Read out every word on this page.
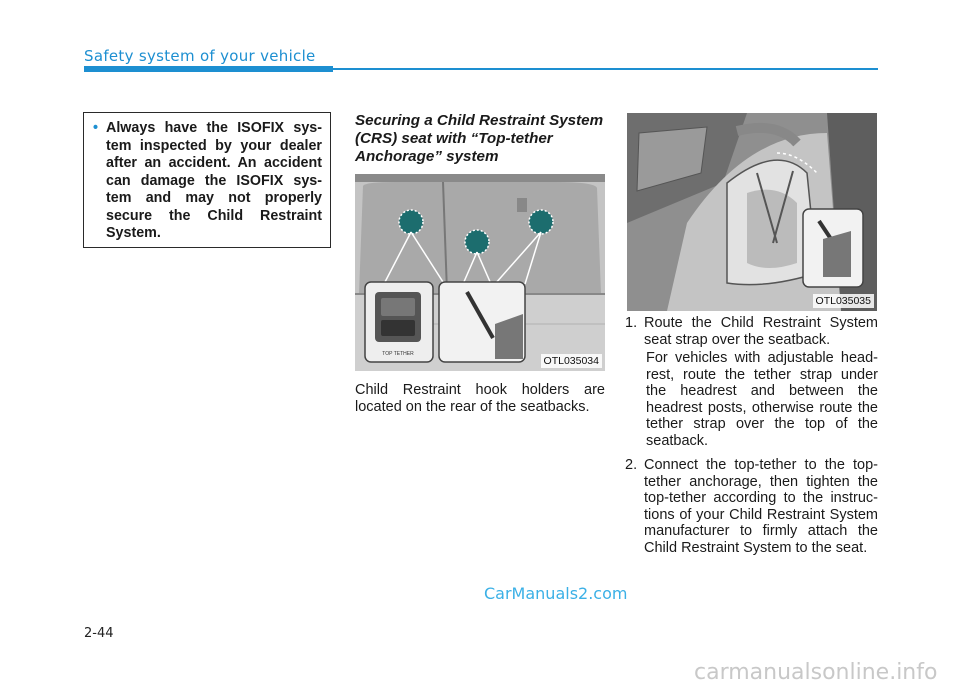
Safety system of your vehicle
• Always have the ISOFIX sys-tem inspected by your dealer after an accident. An accident can damage the ISOFIX sys-tem and may not properly secure the Child Restraint System.
Securing a Child Restraint System (CRS) seat with “Top-tether Anchorage” system
TOP TETHER
OTL035034
Child Restraint hook holders are located on the rear of the seatbacks.
OTL035035
1. Route the Child Restraint System seat strap over the seatback.
For vehicles with adjustable head-rest, route the tether strap under the headrest and between the headrest posts, otherwise route the tether strap over the top of the seatback.
2. Connect the top-tether to the top-tether anchorage, then tighten the top-tether according to the instruc-tions of your Child Restraint System manufacturer to firmly attach the Child Restraint System to the seat.
CarManuals2.com
2-44
carmanualsonline.info
